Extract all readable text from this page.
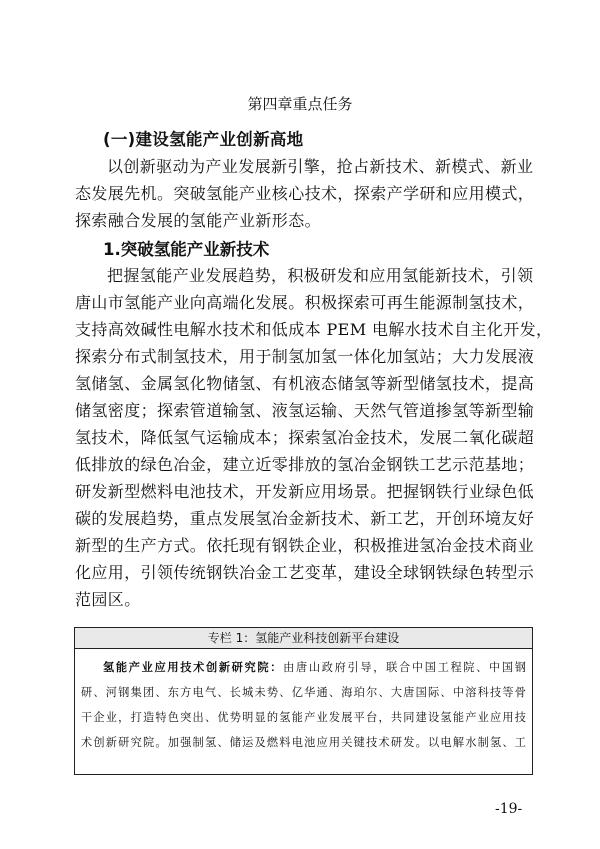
第四章重点任务
(一)建设氢能产业创新高地
以创新驱动为产业发展新引擎，抢占新技术、新模式、新业
态发展先机。突破氢能产业核心技术，探索产学研和应用模式，
探索融合发展的氢能产业新形态。
1.突破氢能产业新技术
把握氢能产业发展趋势，积极研发和应用氢能新技术，引领
唐山市氢能产业向高端化发展。积极探索可再生能源制氢技术，
支持高效碱性电解水技术和低成本 PEM 电解水技术自主化开发，
探索分布式制氢技术，用于制氢加氢一体化加氢站；大力发展液
氢储氢、金属氢化物储氢、有机液态储氢等新型储氢技术，提高
储氢密度；探索管道输氢、液氢运输、天然气管道掺氢等新型输
氢技术，降低氢气运输成本；探索氢冶金技术，发展二氧化碳超
低排放的绿色冶金，建立近零排放的氢冶金钢铁工艺示范基地；
研发新型燃料电池技术，开发新应用场景。把握钢铁行业绿色低
碳的发展趋势，重点发展氢冶金新技术、新工艺，开创环境友好
新型的生产方式。依托现有钢铁企业，积极推进氢冶金技术商业
化应用，引领传统钢铁冶金工艺变革，建设全球钢铁绿色转型示
范园区。
专栏 1：氢能产业科技创新平台建设
氢能产业应用技术创新研究院：由唐山政府引导，联合中国工程院、中国钢
研、河钢集团、东方电气、长城未势、亿华通、海珀尔、大唐国际、中溶科技等骨
干企业，打造特色突出、优势明显的氢能产业发展平台，共同建设氢能产业应用技
术创新研究院。加强制氢、储运及燃料电池应用关键技术研发。以电解水制氢、工
-19-
